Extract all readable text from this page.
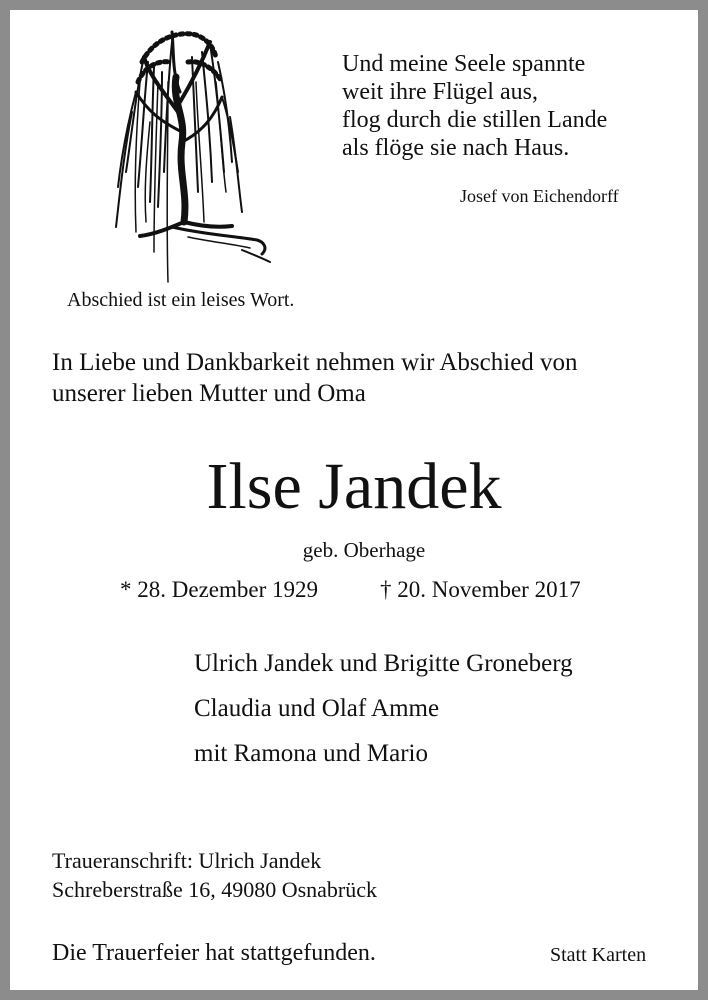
Und meine Seele spannte
weit ihre Flügel aus,
flog durch die stillen Lande
als flöge sie nach Haus.
Josef von Eichendorff
Abschied ist ein leises Wort.
In Liebe und Dankbarkeit nehmen wir Abschied von
unserer lieben Mutter und Oma
Ilse Jandek
geb. Oberhage
* 28. Dezember 1929	† 20. November 2017
Ulrich Jandek und Brigitte Groneberg
Claudia und Olaf Amme
mit Ramona und Mario
Traueranschrift: Ulrich Jandek
Schreberstraße 16, 49080 Osnabrück
Die Trauerfeier hat stattgefunden.	Statt Karten
